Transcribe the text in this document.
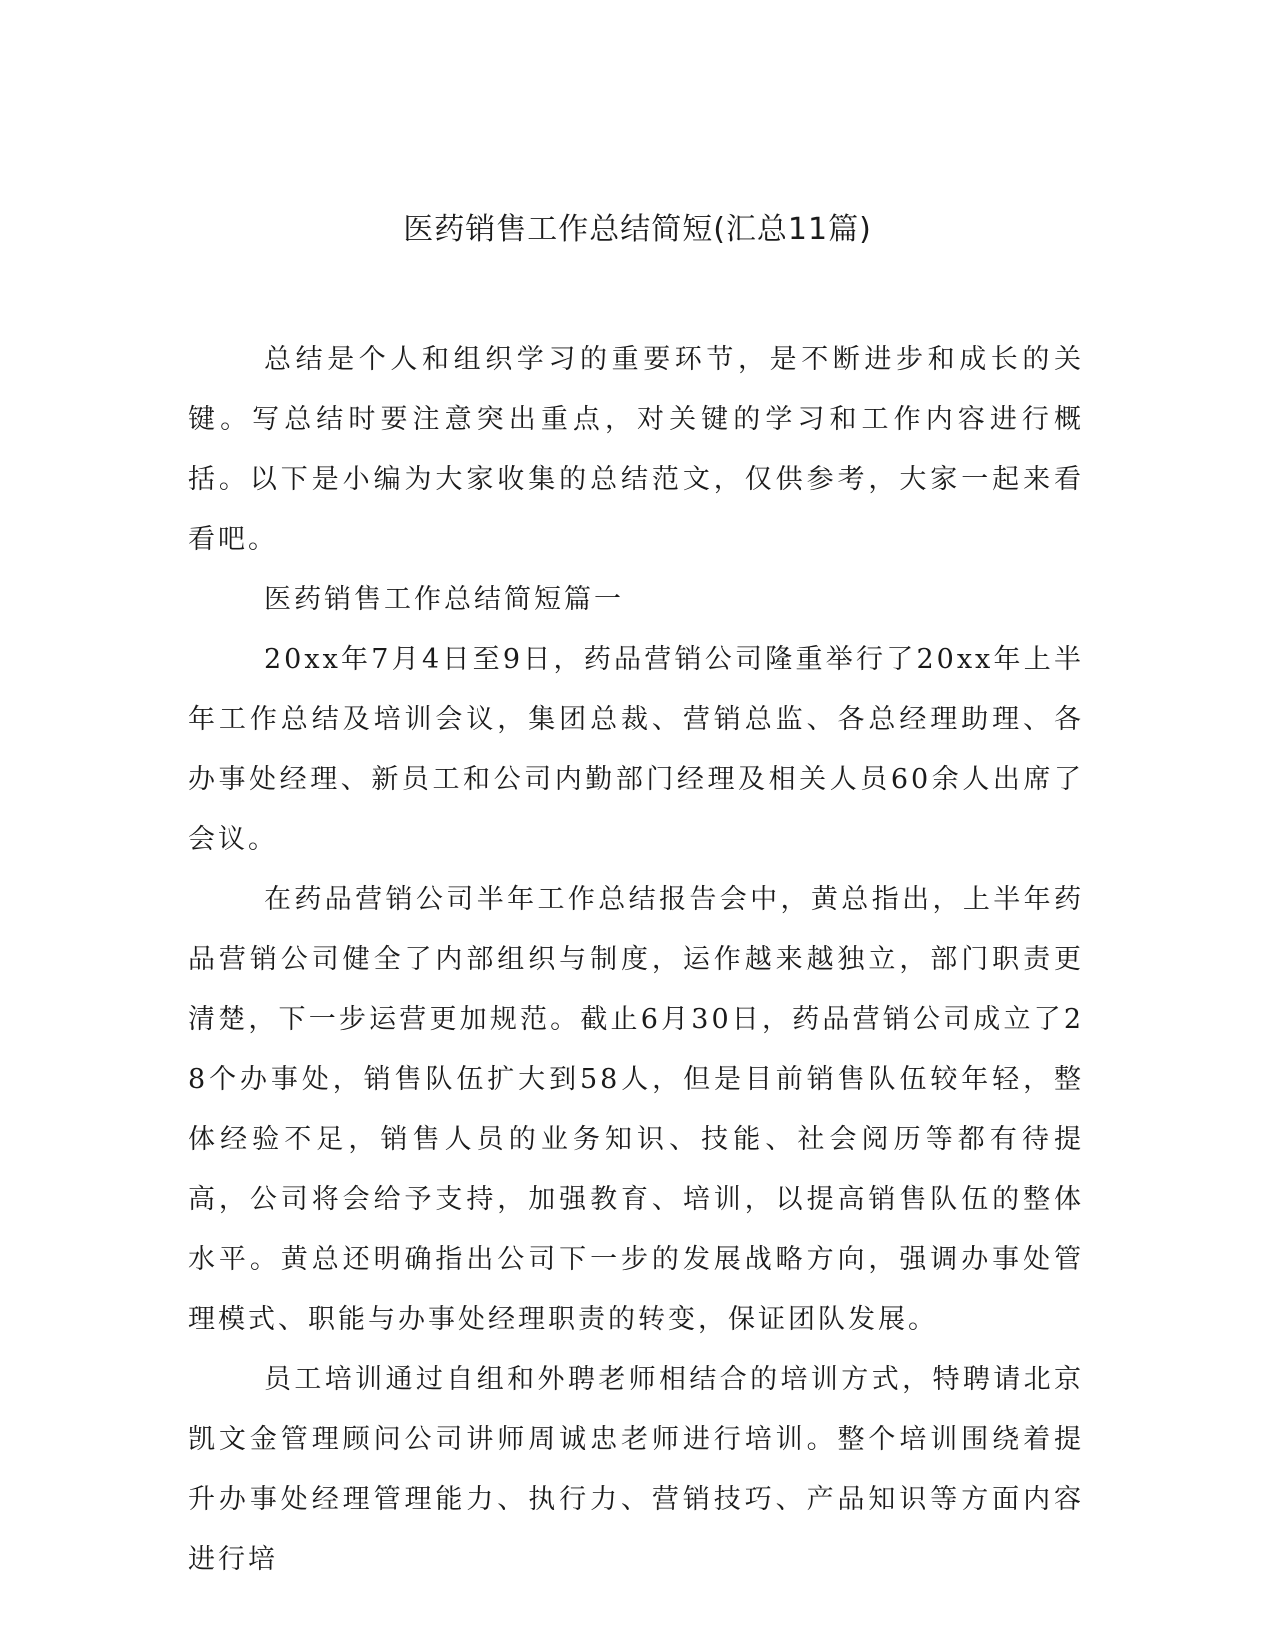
医药销售工作总结简短(汇总11篇)

总结是个人和组织学习的重要环节，是不断进步和成长的关键。写总结时要注意突出重点，对关键的学习和工作内容进行概括。以下是小编为大家收集的总结范文，仅供参考，大家一起来看看吧。

医药销售工作总结简短篇一

20xx年7月4日至9日，药品营销公司隆重举行了20xx年上半年工作总结及培训会议，集团总裁、营销总监、各总经理助理、各办事处经理、新员工和公司内勤部门经理及相关人员60余人出席了会议。

在药品营销公司半年工作总结报告会中，黄总指出，上半年药品营销公司健全了内部组织与制度，运作越来越独立，部门职责更清楚，下一步运营更加规范。截止6月30日，药品营销公司成立了28个办事处，销售队伍扩大到58人，但是目前销售队伍较年轻，整体经验不足，销售人员的业务知识、技能、社会阅历等都有待提高，公司将会给予支持，加强教育、培训，以提高销售队伍的整体水平。黄总还明确指出公司下一步的发展战略方向，强调办事处管理模式、职能与办事处经理职责的转变，保证团队发展。

员工培训通过自组和外聘老师相结合的培训方式，特聘请北京凯文金管理顾问公司讲师周诚忠老师进行培训。整个培训围绕着提升办事处经理管理能力、执行力、营销技巧、产品知识等方面内容进行培
